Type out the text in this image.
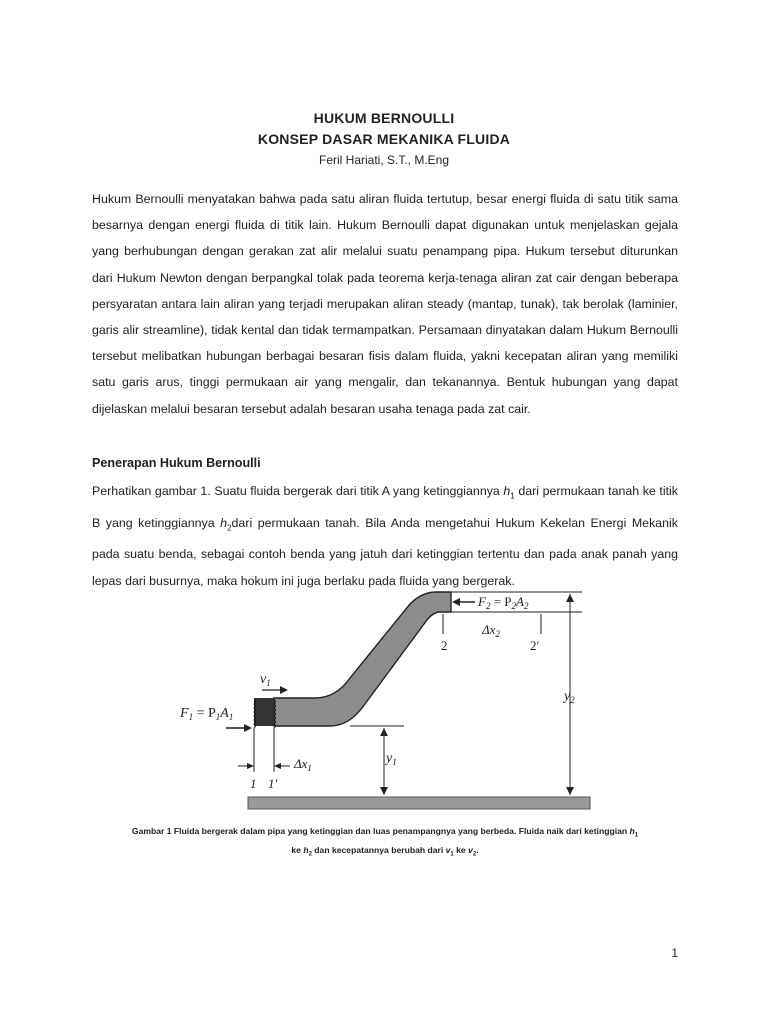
HUKUM BERNOULLI
KONSEP DASAR MEKANIKA FLUIDA
Feril Hariati, S.T., M.Eng
Hukum Bernoulli menyatakan bahwa pada satu aliran fluida tertutup, besar energi fluida di satu titik sama besarnya dengan energi fluida di titik lain. Hukum Bernoulli dapat digunakan untuk menjelaskan gejala yang berhubungan dengan gerakan zat alir melalui suatu penampang pipa. Hukum tersebut diturunkan dari Hukum Newton dengan berpangkal tolak pada teorema kerja-tenaga aliran zat cair dengan beberapa persyaratan antara lain aliran yang terjadi merupakan aliran steady (mantap, tunak), tak berolak (laminier, garis alir streamline), tidak kental dan tidak termampatkan. Persamaan dinyatakan dalam Hukum Bernoulli tersebut melibatkan hubungan berbagai besaran fisis dalam fluida, yakni kecepatan aliran yang memiliki satu garis arus, tinggi permukaan air yang mengalir, dan tekanannya. Bentuk hubungan yang dapat dijelaskan melalui besaran tersebut adalah besaran usaha tenaga pada zat cair.
Penerapan Hukum Bernoulli
Perhatikan gambar 1. Suatu fluida bergerak dari titik A yang ketinggiannya $h_1$ dari permukaan tanah ke titik B yang ketinggiannya $h_2dari$ permukaan tanah. Bila Anda mengetahui Hukum Kekelan Energi Mekanik pada suatu benda, sebagai contoh benda yang jatuh dari ketinggian tertentu dan pada anak panah yang lepas dari busurnya, maka hokum ini juga berlaku pada fluida yang bergerak.
$F_2 = P_2A_2$
$\Delta x_2$
2	2′
$y_2$
$v_1$
$F_1 = P_1A_1$
$\Delta x_1$
1 1′
$y_1$
Gambar 1 Fluida bergerak dalam pipa yang ketinggian dan luas penampangnya yang berbeda. Fluida naik dari ketinggian $h_1$
ke $h_2$ dan kecepatannya berubah dari $v_1$ ke $v_2$.
1
